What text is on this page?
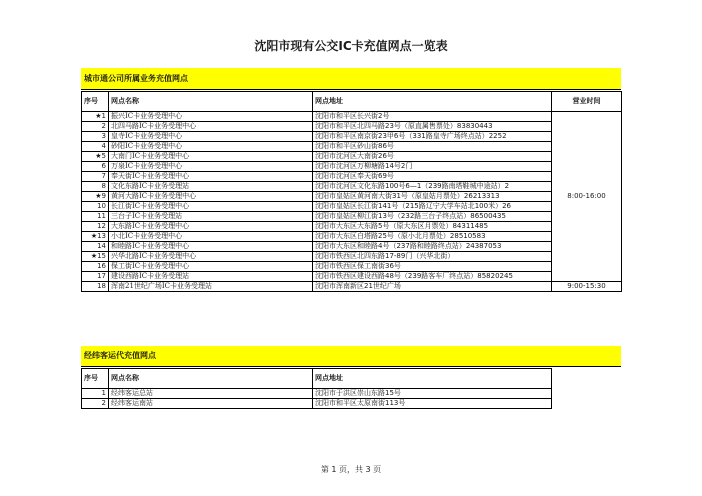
沈阳市现有公交IC卡充值网点一览表
城市通公司所属业务充值网点
序号	网点名称	网点地址	营业时间
★1	振兴IC卡业务受理中心	沈阳市和平区长兴街2号	8:00-16:00
2	北四马路IC卡业务受理中心	沈阳市和平区北四马路23号（原直属售票处）83830443	
3	皇寺IC卡业务受理中心	沈阳市和平区南京街23甲6号（331路皇寺广场终点站）2252	
4	砂阳IC卡业务受理中心	沈阳市和平区砂山街86号	
★5	大南门IC卡业务受理中心	沈阳市沈河区大南街26号	
6	万泉IC卡业务受理中心	沈阳市沈河区万柳塘路14号2门	
7	奉天街IC卡业务受理中心	沈阳市沈河区奉天街69号	
8	文化东路IC卡业务受理站	沈阳市沈河区文化东路100号6—1（239路南塔鞋城中途站）2	
★9	黄河大路IC卡业务受理中心	沈阳市皇姑区黄河南大街31号（原皇姑月票处）26213313	
10	长江街IC卡业务受理中心	沈阳市皇姑区长江街141号（215路辽宁大学车站北100米）26	
11	三台子IC卡业务受理站	沈阳市皇姑区柳江街13号（232路三台子终点站）86500435	
12	大东路IC卡业务受理中心	沈阳市大东区大东路5号（原大东区月票处）84311485	
★13	小北IC卡业务受理中心	沈阳市大东区白塔路25号（原小北月票处）28510583	
14	和睦路IC卡业务受理中心	沈阳市大东区和睦路4号（237路和睦路终点站）24387053	
★15	兴华北路IC卡业务受理中心	沈阳市铁西区北四东路17-89门（兴华北街）	
16	保工街IC卡业务受理中心	沈阳市铁西区保工南街36号	
17	建设西路IC卡业务受理站	沈阳市铁西区建设西路48号（239路客车厂终点站）85820245	
18	浑南21世纪广场IC卡业务受理站	沈阳市浑南新区21世纪广场	9:00-15:30
经纬客运代充值网点
序号	网点名称	网点地址
1	经纬客运总站	沈阳市于洪区崇山东路15号
2	经纬客运南站	沈阳市和平区太原南街113号
第 1 页，共 3 页
